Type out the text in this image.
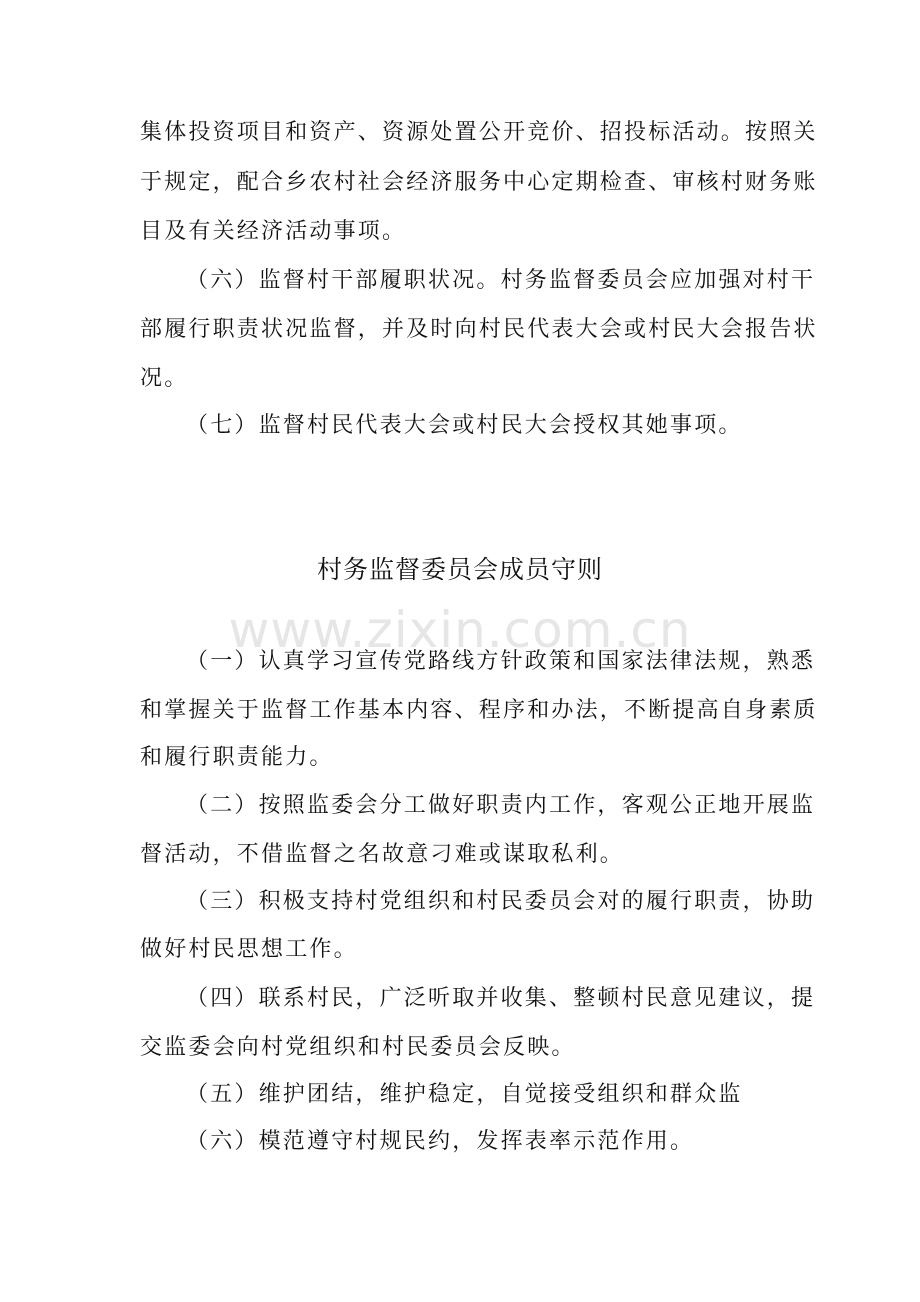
集体投资项目和资产、资源处置公开竞价、招投标活动。按照关
于规定，配合乡农村社会经济服务中心定期检查、审核村财务账
目及有关经济活动事项。
（六）监督村干部履职状况。村务监督委员会应加强对村干
部履行职责状况监督，并及时向村民代表大会或村民大会报告状
况。
（七）监督村民代表大会或村民大会授权其她事项。
村务监督委员会成员守则
www.zixin.com.cn
（一）认真学习宣传党路线方针政策和国家法律法规，熟悉
和掌握关于监督工作基本内容、程序和办法，不断提高自身素质
和履行职责能力。
（二）按照监委会分工做好职责内工作，客观公正地开展监
督活动，不借监督之名故意刁难或谋取私利。
（三）积极支持村党组织和村民委员会对的履行职责，协助
做好村民思想工作。
（四）联系村民，广泛听取并收集、整顿村民意见建议，提
交监委会向村党组织和村民委员会反映。
（五）维护团结，维护稳定，自觉接受组织和群众监
（六）模范遵守村规民约，发挥表率示范作用。
